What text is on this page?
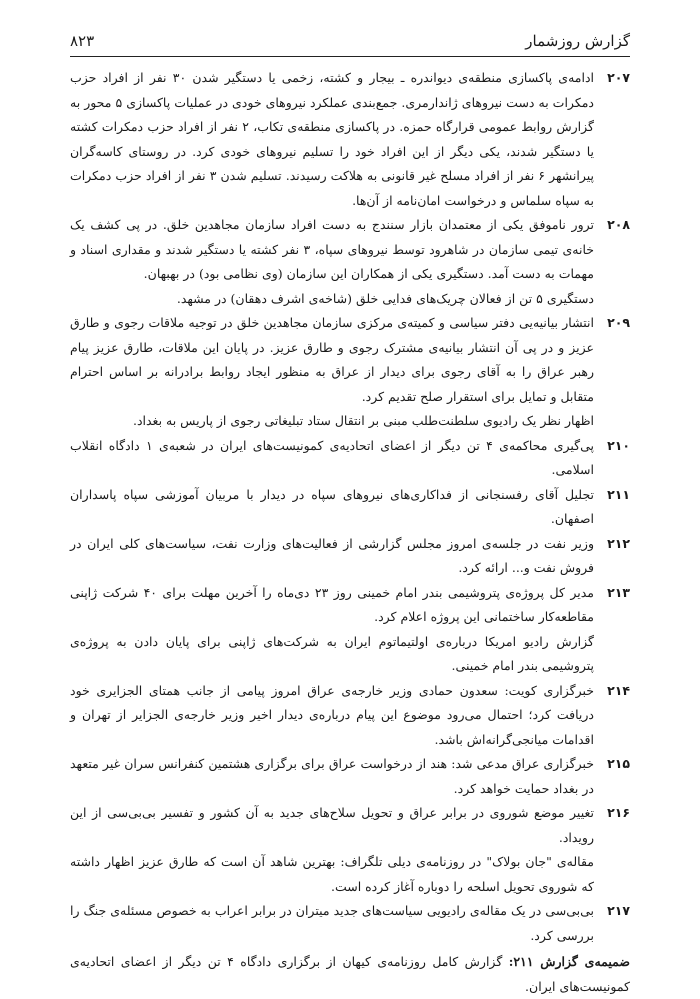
گزارش روزشمار
۸۲۳
۲۰۷

ادامه‌ی پاکسازی منطقه‌ی دیواندره ـ بیجار و کشته، زخمی یا دستگیر شدن ۳۰ نفر از افراد حزب دمکرات به دست نیروهای ژاندارمری. جمع‌بندی عملکرد نیروهای خودی در عملیات پاکسازی ۵ محور به گزارش روابط عمومی قرارگاه حمزه. در پاکسازی منطقه‌ی تکاب، ۲ نفر از افراد حزب دمکرات کشته یا دستگیر شدند، یکی دیگر از این افراد خود را تسلیم نیروهای خودی کرد. در روستای کاسه‌گران پیرانشهر ۶ نفر از افراد مسلح غیر قانونی به هلاکت رسیدند. تسلیم شدن ۳ نفر از افراد حزب دمکرات به سپاه سلماس و درخواست امان‌نامه از آن‌ها.

۲۰۸

ترور ناموفق یکی از معتمدان بازار سنندج به دست افراد سازمان مجاهدین خلق. در پی کشف یک خانه‌ی تیمی سازمان در شاهرود توسط نیروهای سپاه، ۳ نفر کشته یا دستگیر شدند و مقداری اسناد و مهمات به دست آمد. دستگیری یکی از همکاران این سازمان (وی نظامی بود) در بهبهان.

دستگیری ۵ تن از فعالان چریک‌های فدایی خلق (شاخه‌ی اشرف دهقان) در مشهد.

۲۰۹

انتشار بیانیه‌یی دفتر سیاسی و کمیته‌ی مرکزی سازمان مجاهدین خلق در توجیه ملاقات رجوی و طارق عزیز و در پی آن انتشار بیانیه‌ی مشترک رجوی و طارق عزیز. در پایان این ملاقات، طارق عزیز پیام رهبر عراق را به آقای رجوی برای دیدار از عراق به منظور ایجاد روابط برادرانه بر اساس احترام متقابل و تمایل برای استقرار صلح تقدیم کرد.

اظهار نظر یک رادیوی سلطنت‌طلب مبنی بر انتقال ستاد تبلیغاتی رجوی از پاریس به بغداد.

۲۱۰

پی‌گیری محاکمه‌ی ۴ تن دیگر از اعضای اتحادیه‌ی کمونیست‌های ایران در شعبه‌ی ۱ دادگاه انقلاب اسلامی.

۲۱۱

تجلیل آقای رفسنجانی از فداکاری‌های نیروهای سپاه در دیدار با مربیان آموزشی سپاه پاسداران اصفهان.

۲۱۲

وزیر نفت در جلسه‌ی امروز مجلس گزارشی از فعالیت‌های وزارت نفت، سیاست‌های کلی ایران در فروش نفت و... ارائه کرد.

۲۱۳

مدیر کل پروژه‌ی پتروشیمی بندر امام خمینی روز ۲۳ دی‌ماه را آخرین مهلت برای ۴۰ شرکت ژاپنی مقاطعه‌کار ساختمانی این پروژه اعلام کرد.

گزارش رادیو امریکا درباره‌ی اولتیماتوم ایران به شرکت‌های ژاپنی برای پایان دادن به پروژه‌ی پتروشیمی بندر امام خمینی.

۲۱۴

خبرگزاری کویت: سعدون حمادی وزیر خارجه‌ی عراق امروز پیامی از جانب همتای الجزایری خود دریافت کرد؛ احتمال می‌رود موضوع این پیام درباره‌ی دیدار اخیر وزیر خارجه‌ی الجزایر از تهران و اقدامات میانجی‌گرانه‌اش باشد.

۲۱۵

خبرگزاری عراق مدعی شد: هند از درخواست عراق برای برگزاری هشتمین کنفرانس سران غیر متعهد در بغداد حمایت خواهد کرد.

۲۱۶

تغییر موضع شوروی در برابر عراق و تحویل سلاح‌های جدید به آن کشور و تفسیر بی‌بی‌سی از این رویداد.

مقاله‌ی "جان بولاک" در روزنامه‌ی دیلی تلگراف: بهترین شاهد آن است که طارق عزیز اظهار داشته که شوروی تحویل اسلحه را دوباره آغاز کرده است.

۲۱۷

بی‌بی‌سی در یک مقاله‌ی رادیویی سیاست‌های جدید میتران در برابر اعراب به خصوص مسئله‌ی جنگ را بررسی کرد.

ضمیمه‌ی گزارش ۲۱۱: گزارش کامل روزنامه‌ی کیهان از برگزاری دادگاه ۴ تن دیگر از اعضای اتحادیه‌ی کمونیست‌های ایران.
